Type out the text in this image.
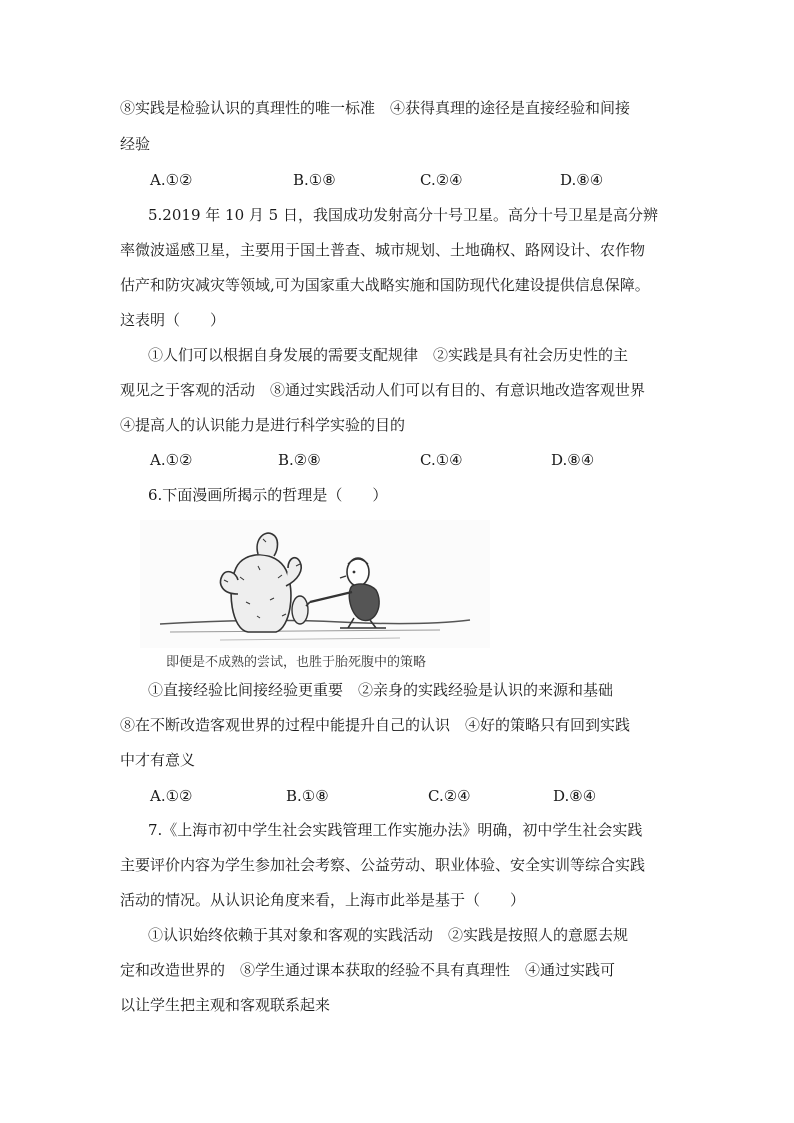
⑧实践是检验认识的真理性的唯一标准　④获得真理的途径是直接经验和间接
经验
A.①②	B.①⑧	C.②④	D.⑧④
5.2019 年 10 月 5 日，我国成功发射高分十号卫星。高分十号卫星是高分辨
率微波遥感卫星，主要用于国土普查、城市规划、土地确权、路网设计、农作物
估产和防灾减灾等领域,可为国家重大战略实施和国防现代化建设提供信息保障。
这表明（　　）
①人们可以根据自身发展的需要支配规律　②实践是具有社会历史性的主
观见之于客观的活动　⑧通过实践活动人们可以有目的、有意识地改造客观世界
④提高人的认识能力是进行科学实验的目的
A.①②	B.②⑧	C.①④	D.⑧④
6.下面漫画所揭示的哲理是（　　）
即便是不成熟的尝试，也胜于胎死腹中的策略
①直接经验比间接经验更重要　②亲身的实践经验是认识的来源和基础
⑧在不断改造客观世界的过程中能提升自己的认识　④好的策略只有回到实践
中才有意义
A.①②	B.①⑧	C.②④	D.⑧④
7.《上海市初中学生社会实践管理工作实施办法》明确，初中学生社会实践
主要评价内容为学生参加社会考察、公益劳动、职业体验、安全实训等综合实践
活动的情况。从认识论角度来看，上海市此举是基于（　　）
①认识始终依赖于其对象和客观的实践活动　②实践是按照人的意愿去规
定和改造世界的　⑧学生通过课本获取的经验不具有真理性　④通过实践可
以让学生把主观和客观联系起来
